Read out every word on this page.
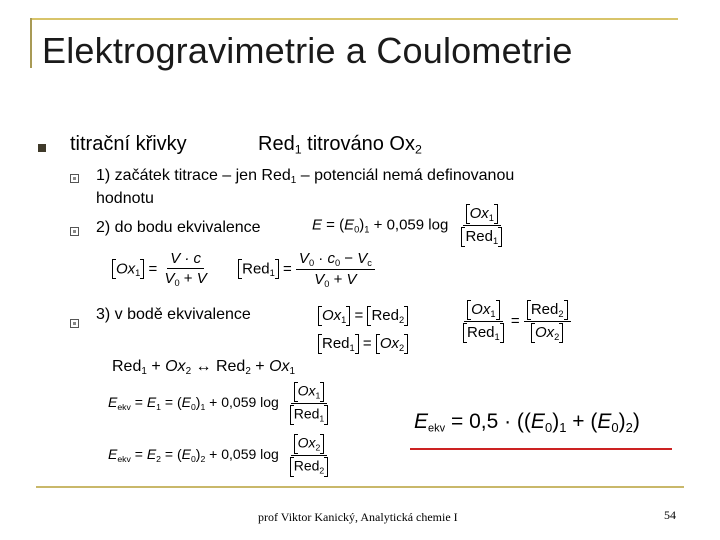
Elektrogravimetrie a Coulometrie
titrační křivky	Red$_1$ titrováno $Ox_2$
1) začátek titrace – jen Red$_1$ – potenciál nemá definovanou
hodnotu
2) do bodu ekvivalence	$E = (E_0)_1 + 0,059$ $\log \frac{Ox_1}{Red_1}$
$Ox_1 = \frac{V \cdot c}{V_0 + V} Red_1 = \frac{V_0 \cdot c_0 - V_c}{V_0 + V}$
3) v bodě ekvivalence	$Ox_1 = Red_2$
$Red_1 = Ox_2$
$\frac{Ox_1}{Red_1} = \frac{Red_2}{Ox_2}$
$Red_1 + Ox_2$ ↔ $Red_2 + Ox_1$
$E_{ekv} = E_1 = (E_0)_1 + 0,059$ $\log \frac{Ox_1}{Red_1}$
$E_{ekv} = E_2 = (E_0)_2 + 0,059$ $\log \frac{Ox_2}{Red_2}$
$E_{ekv} = 0,5 \cdot ((E_0)_1 + (E_0)_2)$
prof Viktor Kanický, Analytická chemie I	54
